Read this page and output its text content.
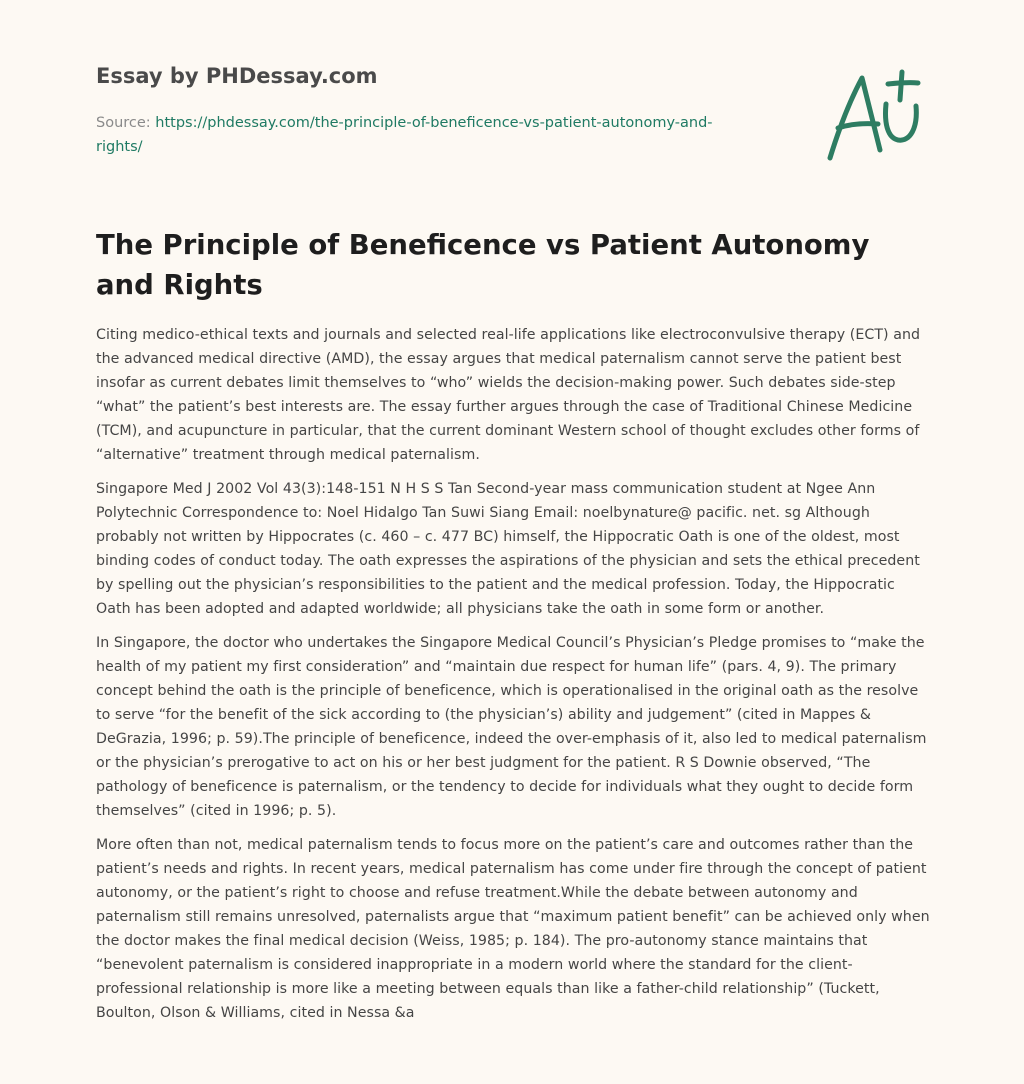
Essay by PHDessay.com
Source: https://phdessay.com/the-principle-of-beneficence-vs-patient-autonomy-and-rights/
The Principle of Beneficence vs Patient Autonomy and Rights

Citing medico-ethical texts and journals and selected real-life applications like electroconvulsive therapy (ECT) and the advanced medical directive (AMD), the essay argues that medical paternalism cannot serve the patient best insofar as current debates limit themselves to “who” wields the decision-making power. Such debates side-step “what” the patient’s best interests are. The essay further argues through the case of Traditional Chinese Medicine (TCM), and acupuncture in particular, that the current dominant Western school of thought excludes other forms of “alternative” treatment through medical paternalism.

Singapore Med J 2002 Vol 43(3):148-151 N H S S Tan Second-year mass communication student at Ngee Ann Polytechnic Correspondence to: Noel Hidalgo Tan Suwi Siang Email: noelbynature@ pacific. net. sg Although probably not written by Hippocrates (c. 460 – c. 477 BC) himself, the Hippocratic Oath is one of the oldest, most binding codes of conduct today. The oath expresses the aspirations of the physician and sets the ethical precedent by spelling out the physician’s responsibilities to the patient and the medical profession. Today, the Hippocratic Oath has been adopted and adapted worldwide; all physicians take the oath in some form or another.

In Singapore, the doctor who undertakes the Singapore Medical Council’s Physician’s Pledge promises to “make the health of my patient my first consideration” and “maintain due respect for human life” (pars. 4, 9). The primary concept behind the oath is the principle of beneficence, which is operationalised in the original oath as the resolve to serve “for the benefit of the sick according to (the physician’s) ability and judgement” (cited in Mappes & DeGrazia, 1996; p. 59).The principle of beneficence, indeed the over-emphasis of it, also led to medical paternalism or the physician’s prerogative to act on his or her best judgment for the patient. R S Downie observed, “The pathology of beneficence is paternalism, or the tendency to decide for individuals what they ought to decide form themselves” (cited in 1996; p. 5).

More often than not, medical paternalism tends to focus more on the patient’s care and outcomes rather than the patient’s needs and rights. In recent years, medical paternalism has come under fire through the concept of patient autonomy, or the patient’s right to choose and refuse treatment.While the debate between autonomy and paternalism still remains unresolved, paternalists argue that “maximum patient benefit” can be achieved only when the doctor makes the final medical decision (Weiss, 1985; p. 184). The pro-autonomy stance maintains that “benevolent paternalism is considered inappropriate in a modern world where the standard for the client-professional relationship is more like a meeting between equals than like a father-child relationship” (Tuckett, Boulton, Olson & Williams, cited in Nessa &a
